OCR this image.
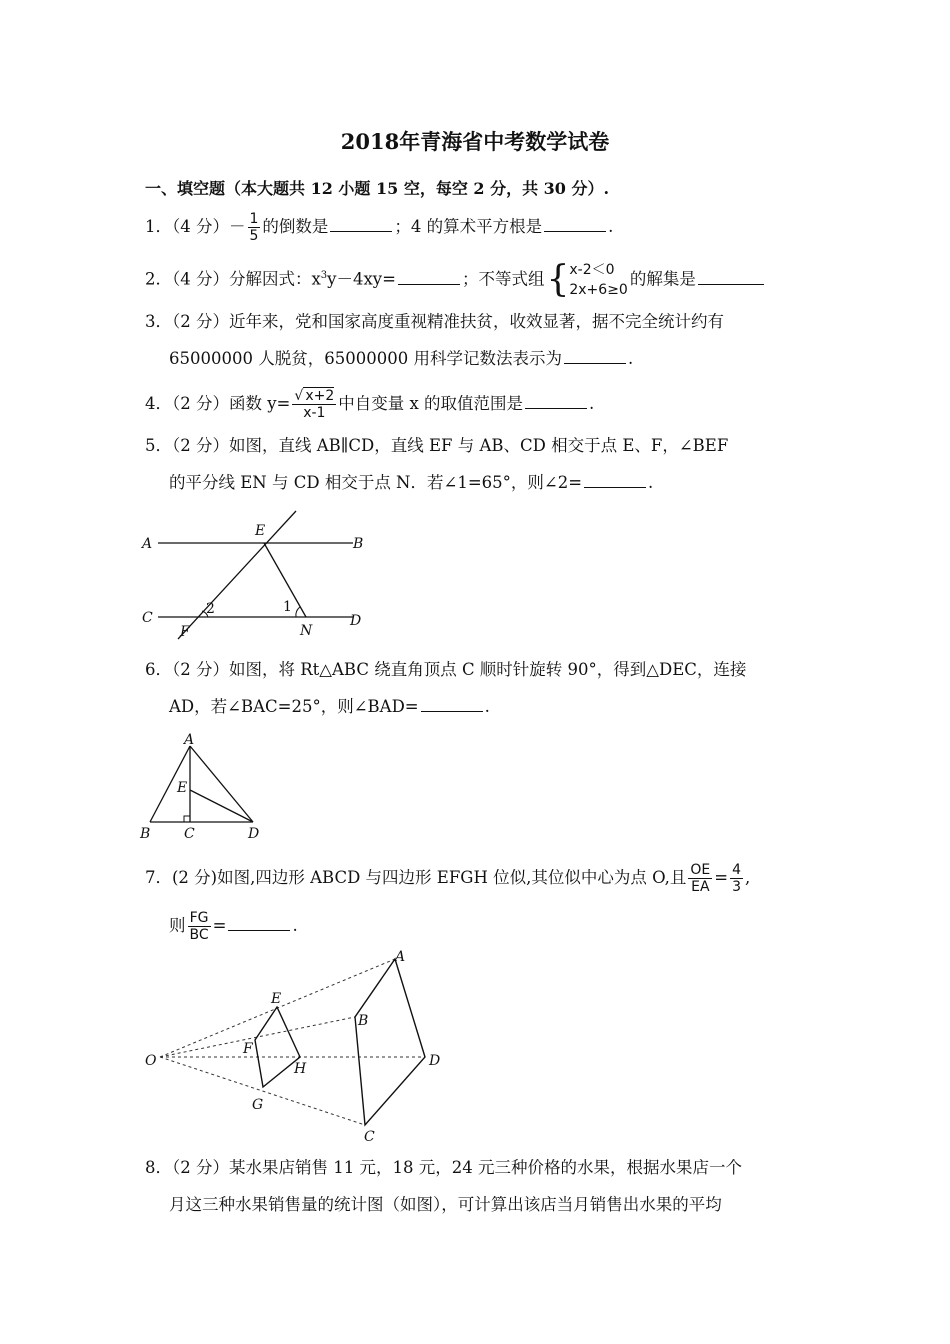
2018年青海省中考数学试卷
一、填空题（本大题共 12 小题 15 空，每空 2 分，共 30 分）.
1．（4 分）－ $\frac{1}{5}$ 的倒数是	；4 的算术平方根是	.
2．（4 分）分解因式：$x^3y-4xy=$	；不等式组 { x-2＜0
2x+6≥0
的解集是
3．（2 分）近年来，党和国家高度重视精准扶贫，收效显著，据不完全统计约有
65000000 人脱贫，65000000 用科学记数法表示为	.
4．（2 分）函数 $y= \frac{√ x+2}{x-1}$ 中自变量 x 的取值范围是	.
5．（2 分）如图，直线 AB∥CD，直线 EF 与 AB、CD 相交于点 E、F，∠BEF
的平分线 EN 与 CD 相交于点 N．若∠1=65°，则∠2=	.
A	B
C	D
E
F	N
1
2
6．（2 分）如图，将 Rt△ABC 绕直角顶点 C 顺时针旋转 90°，得到△DEC，连接
AD，若∠BAC=25°，则∠BAD=	.
A
B C	D
E
7．(2 分)如图,四边形 ABCD 与四边形 EFGH 位似,其位似中心为点 O,且 $\frac{OE}{EA} = \frac{4}{3}$ ,
则 $\frac{FG}{BC}$ =	.
O
A
B
C
D
E
F
G
H
8．（2 分）某水果店销售 11 元，18 元，24 元三种价格的水果，根据水果店一个
月这三种水果销售量的统计图（如图），可计算出该店当月销售出水果的平均
